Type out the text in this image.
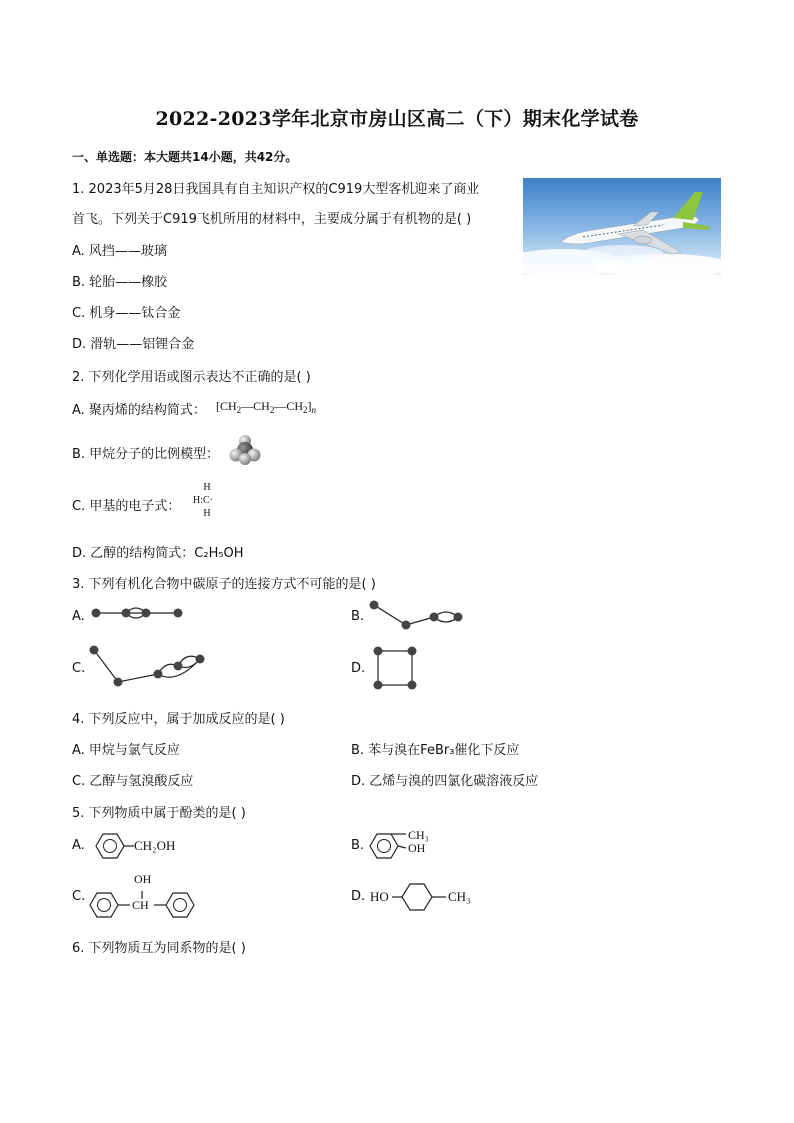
2022-2023学年北京市房山区高二（下）期末化学试卷
一、单选题：本大题共14小题，共42分。
1. 2023年5月28日我国具有自主知识产权的C919大型客机迎来了商业
首飞。下列关于C919飞机所用的材料中，主要成分属于有机物的是( )
A. 风挡——玻璃
B. 轮胎——橡胶
C. 机身——钛合金
D. 滑轨——铝锂合金
2. 下列化学用语或图示表达不正确的是( )
A. 聚丙烯的结构简式： $[CH_2—CH_2—CH_2]_n$
B. 甲烷分子的比例模型：
C. 甲基的电子式：
H
H:C·
H
D. 乙醇的结构简式：C₂H₅OH
3. 下列有机化合物中碳原子的连接方式不可能的是( )
A.	B.
C.	D.
4. 下列反应中，属于加成反应的是( )
A. 甲烷与氯气反应	B. 苯与溴在FeBr₃催化下反应
C. 乙醇与氢溴酸反应	D. 乙烯与溴的四氯化碳溶液反应
5. 下列物质中属于酚类的是( )
A.	CH₂OH	B.
CH₃
OH
C.
OH
CH
D. HO	CH₃
6. 下列物质互为同系物的是( )
